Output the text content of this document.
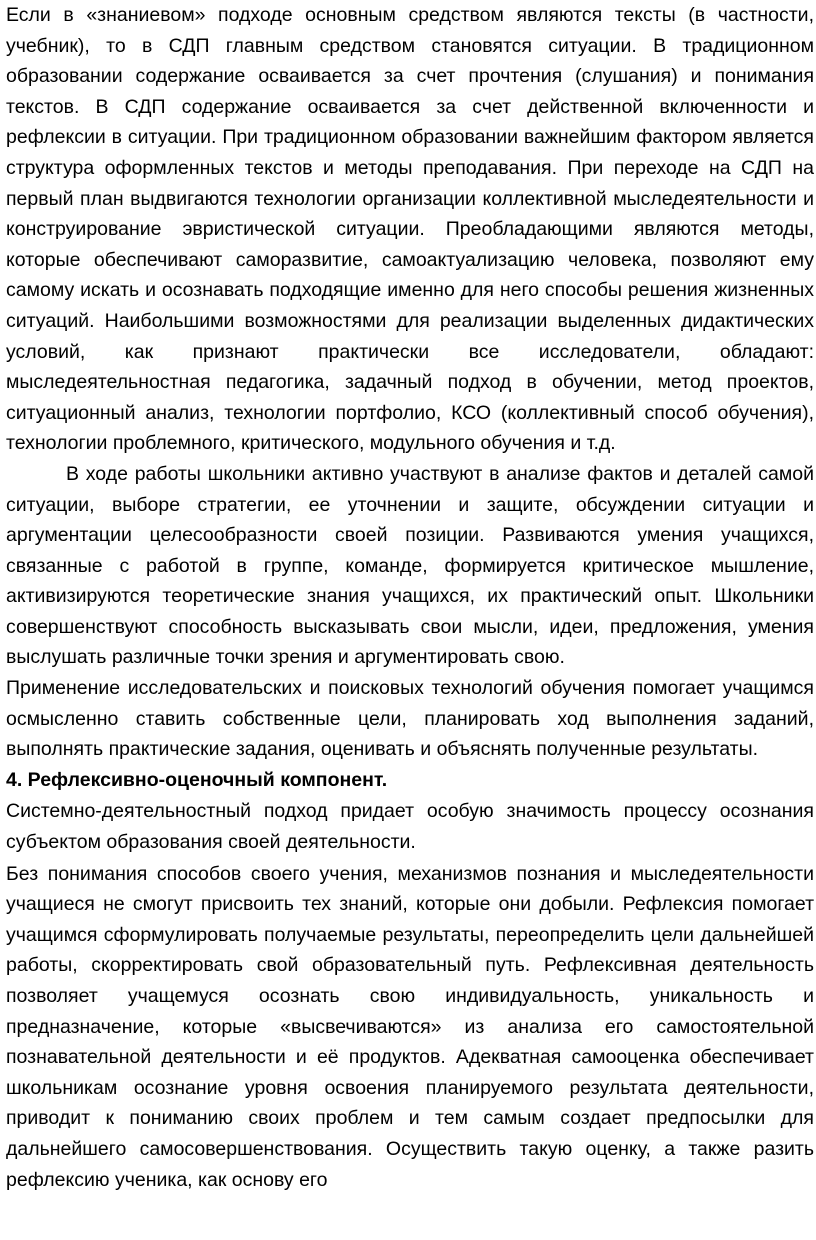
Если в «знаниевом» подходе основным средством являются тексты (в частности, учебник), то в СДП главным средством становятся ситуации. В традиционном образовании содержание осваивается за счет прочтения (слушания) и понимания текстов. В СДП содержание осваивается за счет действенной включенности и рефлексии в ситуации. При традиционном образовании важнейшим фактором является структура оформленных текстов и методы преподавания. При переходе на СДП на первый план выдвигаются технологии организации коллективной мыследеятельности и конструирование эвристической ситуации. Преобладающими являются методы, которые обеспечивают саморазвитие, самоактуализацию человека, позволяют ему самому искать и осознавать подходящие именно для него способы решения жизненных ситуаций. Наибольшими возможностями для реализации выделенных дидактических условий, как признают практически все исследователи, обладают: мыследеятельностная педагогика, задачный подход в обучении, метод проектов, ситуационный анализ, технологии портфолио, КСО (коллективный способ обучения), технологии проблемного, критического, модульного обучения и т.д.

В ходе работы школьники активно участвуют в анализе фактов и деталей самой ситуации, выборе стратегии, ее уточнении и защите, обсуждении ситуации и аргументации целесообразности своей позиции. Развиваются умения учащихся, связанные с работой в группе, команде, формируется критическое мышление, активизируются теоретические знания учащихся, их практический опыт. Школьники совершенствуют способность высказывать свои мысли, идеи, предложения, умения выслушать различные точки зрения и аргументировать свою.

Применение исследовательских и поисковых технологий обучения помогает учащимся осмысленно ставить собственные цели, планировать ход выполнения заданий, выполнять практические задания, оценивать и объяснять полученные результаты.

4. Рефлексивно-оценочный компонент.

Системно-деятельностный подход придает особую значимость процессу осознания субъектом образования своей деятельности.

Без понимания способов своего учения, механизмов познания и мыследеятельности учащиеся не смогут присвоить тех знаний, которые они добыли. Рефлексия помогает учащимся сформулировать получаемые результаты, переопределить цели дальнейшей работы, скорректировать свой образовательный путь. Рефлексивная деятельность позволяет учащемуся осознать свою индивидуальность, уникальность и предназначение, которые «высвечиваются» из анализа его самостоятельной познавательной деятельности и её продуктов. Адекватная самооценка обеспечивает школьникам осознание уровня освоения планируемого результата деятельности, приводит к пониманию своих проблем и тем самым создает предпосылки для дальнейшего самосовершенствования. Осуществить такую оценку, а также разить рефлексию ученика, как основу его
